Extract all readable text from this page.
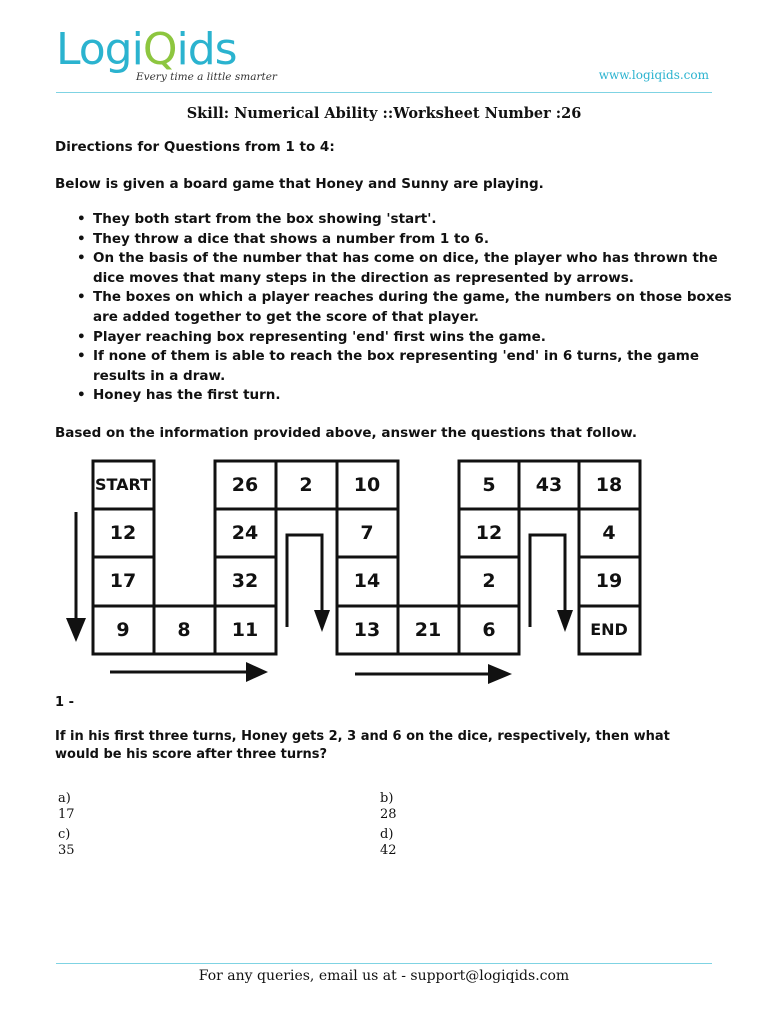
LogiQids
Every time a little smarter	www.logiqids.com
Skill: Numerical Ability ::Worksheet Number :26
Directions for Questions from 1 to 4:
Below is given a board game that Honey and Sunny are playing.
• They both start from the box showing 'start'.
• They throw a dice that shows a number from 1 to 6.
• On the basis of the number that has come on dice, the player who has thrown the dice moves that many steps in the direction as represented by arrows.
• The boxes on which a player reaches during the game, the numbers on those boxes are added together to get the score of that player.
• Player reaching box representing 'end' first wins the game.
• If none of them is able to reach the box representing 'end' in 6 turns, the game results in a draw.
• Honey has the first turn.
Based on the information provided above, answer the questions that follow.
START
12
17
9	8	11
32
24
26	2	10
7
14
13	21	6
2
12
5	43	18
4
19
END
1 -
If in his first three turns, Honey gets 2, 3 and 6 on the dice, respectively, then what would be his score after three turns?
a)
17
b)
28
c)
35
d)
42
For any queries, email us at - support@logiqids.com
